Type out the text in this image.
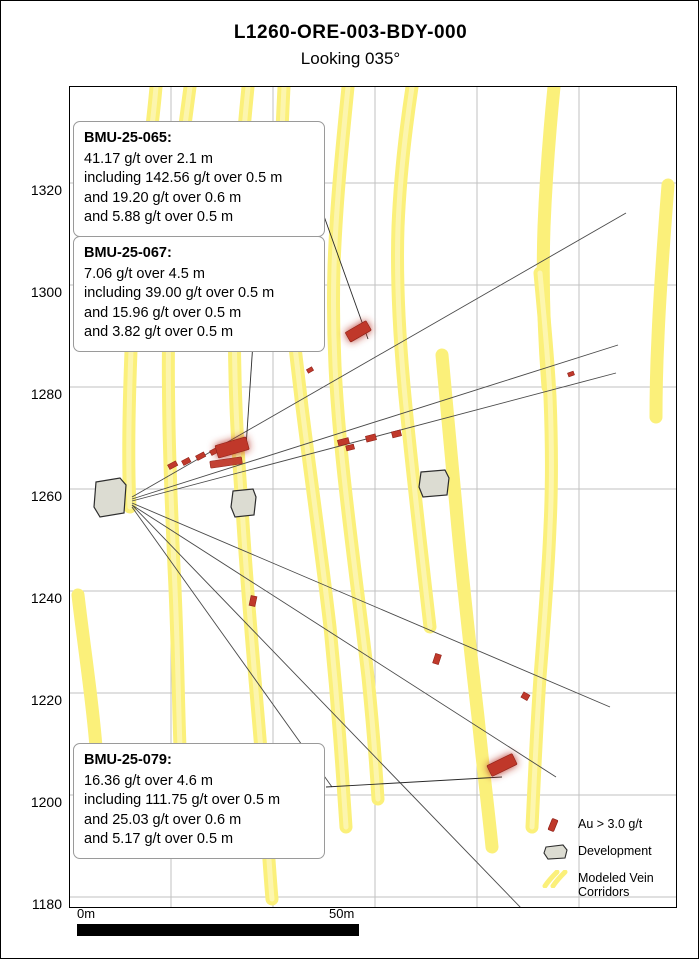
L1260-ORE-003-BDY-000
Looking 035°
1320
1300
1280
1260
1240
1220
1200
1180
BMU-25-065:
41.17 g/t over 2.1 m
including 142.56 g/t over 0.5 m
and 19.20 g/t over 0.6 m
and 5.88 g/t over 0.5 m
BMU-25-067:
7.06 g/t over 4.5 m
including 39.00 g/t over 0.5 m
and 15.96 g/t over 0.5 m
and 3.82 g/t over 0.5 m
BMU-25-079:
16.36 g/t over 4.6 m
including 111.75 g/t over 0.5 m
and 25.03 g/t over 0.6 m
and 5.17 g/t over 0.5 m
0m	50m
Au > 3.0 g/t
Development
Modeled Vein Corridors
